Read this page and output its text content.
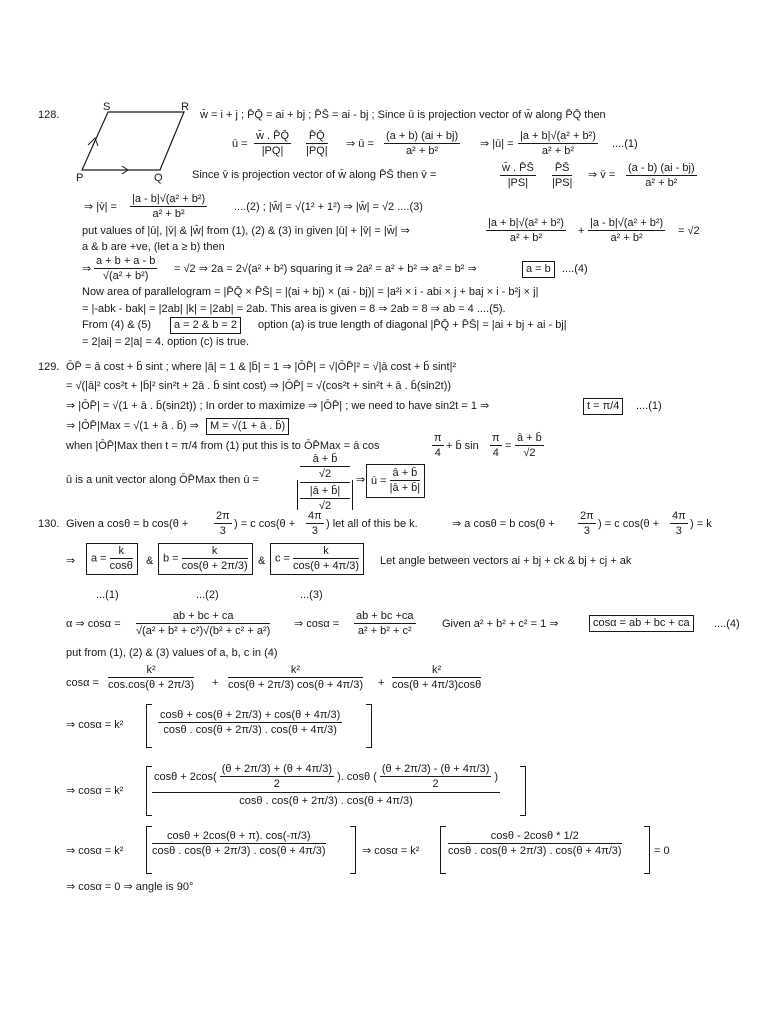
128.
S	R
P	Q
w̄ = i + j ; P̄Q̄ = ai + bj ; P̄S̄ = ai - bj ; Since ū is projection vector of w̄ along P̄Q̄ then
ū = $\frac{w̄ . P̄Q̄}{|PQ|} \frac{P̄Q̄}{|PQ|}$ ⇒ ū = $\frac{(a + b) (ai + bj)}{\text{a² + b²}}$ ⇒ |ū| = $\frac{\text{|a + b|√(a² + b²)}}{\text{a² + b²}} ....(1)$
Since v̄ is projection vector of w̄ along P̄S̄ then v̄ =	$\frac{w̄ . P̄S̄}{|PS|} \frac{P̄S̄}{|PS|}$ ⇒ v̄ = $\frac{(a - b) (ai - bj)}{\text{a² + b²}}$
⇒ |v̄| = $\frac{\text{|a - b|√(a² + b²)}}{\text{a² + b²}} ....(2)$ ; |w̄| = √(1² + 1²) ⇒ |w̄| = √2 ....(3)
put values of |ū|, |v̄| & |w̄| from (1), (2) & (3) in given |ū| + |v̄| = |w̄| ⇒	$\frac{\text{|a + b|√(a² + b²)}}{\text{a² + b²}} + \frac{\text{|a - b|√(a² + b²)}}{\text{a² + b²}} = √2$
a & b are +ve, (let a ≥ b) then
⇒ $\frac{a + b + a - b}{\text{√(a² + b²)}} = √2$ ⇒ 2a = 2√(a² + b²) squaring it ⇒ 2a² = a² + b² ⇒ a² = b² ⇒	a = b	....(4)
Now area of parallelogram = |P̄Q̄ × P̄S̄| = |(ai + bj) × (ai - bj)| = |a²i × i - abi × j + baj × i - b²j × j|
= |-abk - bak| = |2ab| |k| = |2ab| = 2ab. This area is given = 8 ⇒ 2ab = 8 ⇒ ab = 4 ....(5).
From (4) & (5)	a = 2 & b = 2	option (a) is true length of diagonal |P̄Q̄ + P̄S̄| = |ai + bj + ai - bj|
= 2|ai| = 2|a| = 4. option (c) is true.
129. ŌP̄ = ā cost + b̄ sint ; where |ā| = 1 & |b̄| = 1 ⇒ |ŌP̄| = √|ŌP̄|² = √|ā cost + b̄ sint|²
= √(|ā|² cos²t + |b̄|² sin²t + 2ā . b̄ sint cost) ⇒ |ŌP̄| = √(cos²t + sin²t + ā . b̄(sin2t))
⇒ |ŌP̄| = √(1 + ā . b̄(sin2t)) ; In order to maximize ⇒ |ŌP̄| ; we need to have sin2t = 1 ⇒	t = π/4	....(1)
⇒ |ŌP̄|Max = √(1 + ā . b̄) ⇒	M = √(1 + ā . b̄)
when |ŌP̄|Max then t = π/4 from (1) put this is to ŌP̄Max = ā cos	$\frac{\pi}{4}$ + b̄ $\sin \frac{\pi}{4} = \frac{ā + b̄}{√2}$
ū is a unit vector along ŌP̄Max then ū =
ā + b̄
√2
|ā + b̄|
√2
⇒ ū = $\frac{ā + b̄}{|ā + b̄|}$
130. Given a cosθ = b $\cos(\theta + \frac{2\pi}{3}$ ) = c $\cos(\theta + \frac{4\pi}{3}$ ) let all of this be k.	⇒ a cosθ = b $\cos(\theta + \frac{2\pi}{3}$ ) = c $\cos(\theta + \frac{4\pi}{3}$ ) = k
⇒	$a = \frac{k}{\cos\theta}$ & $b = \frac{k}{\cos(\theta + 2\pi/3)}$ & $c = \frac{k}{\cos(\theta + 4\pi/3)}$ Let angle between vectors ai + bj + ck & bj + cj + ak
...(1)	...(2)	...(3)
α ⇒ $\cos\alpha = \frac{ab + bc + ca}{\text{√(a² + b² + c²)√(b² + c² + a²)}}$ ⇒ $\cos\alpha = \frac{ab + bc +ca}{\text{a² + b² + c²}}$ Given a² + b² + c² = 1 ⇒	cosα = ab + bc + ca	....(4)
put from (1), (2) & (3) values of a, b, c in (4)
$\cos\alpha = \frac{\text{k²}}{\cos.\cos(\theta + 2\pi/3)} + \frac{\text{k²}}{\cos(\theta + 2\pi/3) \cos(\theta + 4\pi/3)} + \frac{\text{k²}}{\cos(\theta + 4\pi/3)\cos\theta}$
⇒ cosα = k²	$\frac{\cos\theta + \cos(\theta + 2\pi/3) + \cos(\theta + 4\pi/3)}{\cos\theta . \cos(\theta + 2\pi/3) . \cos(\theta + 4\pi/3)}$
⇒ cosα = k²
$\cos\theta + 2\cos( \frac{(\theta + 2\pi/3) + (\theta + 4\pi/3)}{2}$ ). cosθ ( $\frac{(\theta + 2\pi/3) - (\theta + 4\pi/3)}{2}$ )
cosθ . cos(θ + 2π/3) . cos(θ + 4π/3)
⇒ cosα = k²	$\frac{\cos\theta + 2\cos(\theta + \pi). \cos(-\pi/3)}{\cos\theta . \cos(\theta + 2\pi/3) . \cos(\theta + 4\pi/3)}$	⇒ cosα = k²	$\frac{\cos\theta - 2\cos\theta * 1/2}{\cos\theta . \cos(\theta + 2\pi/3) . \cos(\theta + 4\pi/3)}$	= 0
⇒ cosα = 0 ⇒ angle is 90°
